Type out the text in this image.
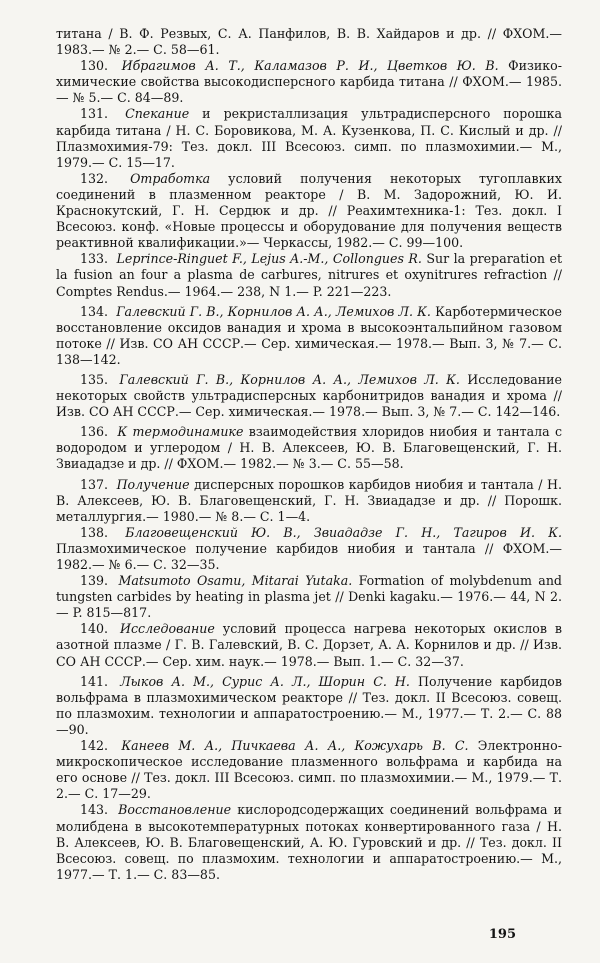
титана / В. Ф. Резвых, С. А. Панфилов, В. В. Хайдаров и др. // ФХОМ.— 1983.— № 2.— С. 58—61.

130. Ибрагимов А. Т., Каламазов Р. И., Цветков Ю. В. Физико-химические свойства высокодисперсного карбида титана // ФХОМ.— 1985.— № 5.— С. 84—89.

131. Спекание и рекристаллизация ультрадисперсного порошка карбида титана / Н. С. Боровикова, М. А. Кузенкова, П. С. Кислый и др. // Плазмохимия-79: Тез. докл. III Всесоюз. симп. по плазмохимии.— М., 1979.— С. 15—17.

132. Отработка условий получения некоторых тугоплавких соединений в плазменном реакторе / В. М. Задорожний, Ю. И. Краснокутский, Г. Н. Сердюк и др. // Реахимтехника-1: Тез. докл. I Всесоюз. конф. «Новые процессы и оборудование для получения веществ реактивной квалификации.»— Черкассы, 1982.— С. 99—100.

133. Leprince-Ringuet F., Lejus A.-M., Collongues R. Sur la preparation et la fusion an four a plasma de carbures, nitrures et oxynitrures refraction // Comptes Rendus.— 1964.— 238, N 1.— P. 221—223.

134. Галевский Г. В., Корнилов А. А., Лемихов Л. К. Карботермическое восстановление оксидов ванадия и хрома в высокоэнтальпийном газовом потоке // Изв. СО АН СССР.— Сер. химическая.— 1978.— Вып. 3, № 7.— С. 138—142.

135. Галевский Г. В., Корнилов А. А., Лемихов Л. К. Исследование некоторых свойств ультрадисперсных карбонитридов ванадия и хрома // Изв. СО АН СССР.— Сер. химическая.— 1978.— Вып. 3, № 7.— С. 142—146.

136. К термодинамике взаимодействия хлоридов ниобия и тантала с водородом и углеродом / Н. В. Алексеев, Ю. В. Благовещенский, Г. Н. Звиададзе и др. // ФХОМ.— 1982.— № 3.— С. 55—58.

137. Получение дисперсных порошков карбидов ниобия и тантала / Н. В. Алексеев, Ю. В. Благовещенский, Г. Н. Звиададзе и др. // Порошк. металлургия.— 1980.— № 8.— С. 1—4.

138. Благовещенский Ю. В., Звиададзе Г. Н., Тагиров И. К. Плазмохимическое получение карбидов ниобия и тантала // ФХОМ.— 1982.— № 6.— С. 32—35.

139. Matsumoto Osamu, Mitarai Yutaka. Formation of molybdenum and tungsten carbides by heating in plasma jet // Denki kagaku.— 1976.— 44, N 2.— P. 815—817.

140. Исследование условий процесса нагрева некоторых окислов в азотной плазме / Г. В. Галевский, В. С. Дорзет, А. А. Корнилов и др. // Изв. СО АН СССР.— Сер. хим. наук.— 1978.— Вып. 1.— С. 32—37.

141. Лыков А. М., Сурис А. Л., Шорин С. Н. Получение карбидов вольфрама в плазмохимическом реакторе // Тез. докл. II Всесоюз. совещ. по плазмохим. технологии и аппаратостроению.— М., 1977.— Т. 2.— С. 88—90.

142. Канеев М. А., Пичкаева А. А., Кожухарь В. С. Электронно-микроскопическое исследование плазменного вольфрама и карбида на его основе // Тез. докл. III Всесоюз. симп. по плазмохимии.— М., 1979.— Т. 2.— С. 17—29.

143. Восстановление кислородсодержащих соединений вольфрама и молибдена в высокотемпературных потоках конвертированного газа / Н. В. Алексеев, Ю. В. Благовещенский, А. Ю. Гуровский и др. // Тез. докл. II Всесоюз. совещ. по плазмохим. технологии и аппаратостроению.— М., 1977.— Т. 1.— С. 83—85.

195
